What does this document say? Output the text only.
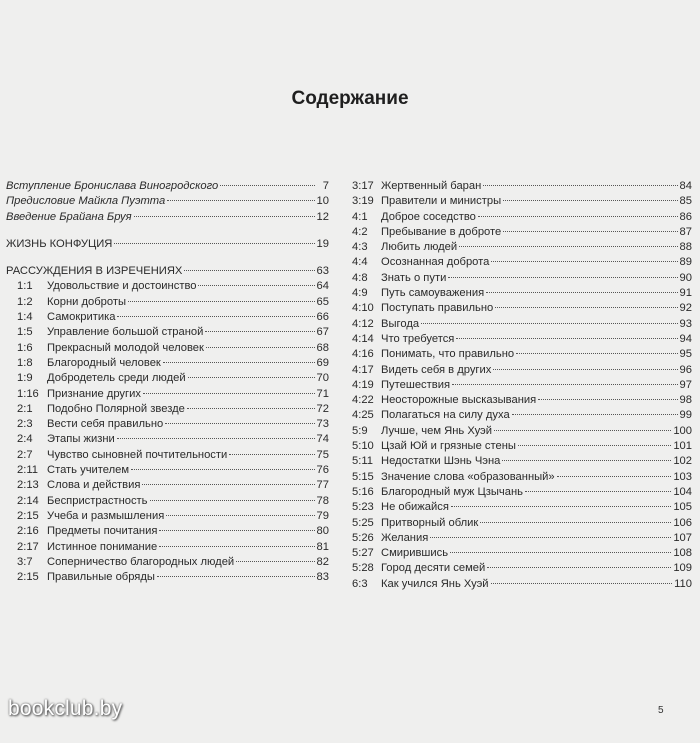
Содержание
Вступление Бронислава Виногродского	7
Предисловие Майкла Пуэтта	10
Введение Брайана Бруя	12
ЖИЗНЬ КОНФУЦИЯ	19
РАССУЖДЕНИЯ В ИЗРЕЧЕНИЯХ	63
1:1	Удовольствие и достоинство	64
1:2	Корни доброты	65
1:4	Самокритика	66
1:5	Управление большой страной	67
1:6	Прекрасный молодой человек	68
1:8	Благородный человек	69
1:9	Добродетель среди людей	70
1:16 Признание других	71
2:1	Подобно Полярной звезде	72
2:3	Вести себя правильно	73
2:4	Этапы жизни	74
2:7	Чувство сыновней почтительности	75
2:11 Стать учителем	76
2:13 Слова и действия	77
2:14 Беспристрастность	78
2:15 Учеба и размышления	79
2:16 Предметы почитания	80
2:17 Истинное понимание	81
3:7	Соперничество благородных людей	82
2:15 Правильные обряды	83
3:17 Жертвенный баран	84
3:19 Правители и министры	85
4:1	Доброе соседство	86
4:2	Пребывание в доброте	87
4:3	Любить людей	88
4:4	Осознанная доброта	89
4:8	Знать о пути	90
4:9	Путь самоуважения	91
4:10 Поступать правильно	92
4:12 Выгода	93
4:14 Что требуется	94
4:16 Понимать, что правильно	95
4:17 Видеть себя в других	96
4:19 Путешествия	97
4:22 Неосторожные высказывания	98
4:25 Полагаться на силу духа	99
5:9	Лучше, чем Янь Хуэй	100
5:10 Цзай Юй и грязные стены	101
5:11 Недостатки Шэнь Чэна	102
5:15 Значение слова «образованный»	103
5:16 Благородный муж Цзычань	104
5:23 Не обижайся	105
5:25 Притворный облик	106
5:26 Желания	107
5:27 Смирившись	108
5:28 Город десяти семей	109
6:3	Как учился Янь Хуэй	110
bookclub.by	5
